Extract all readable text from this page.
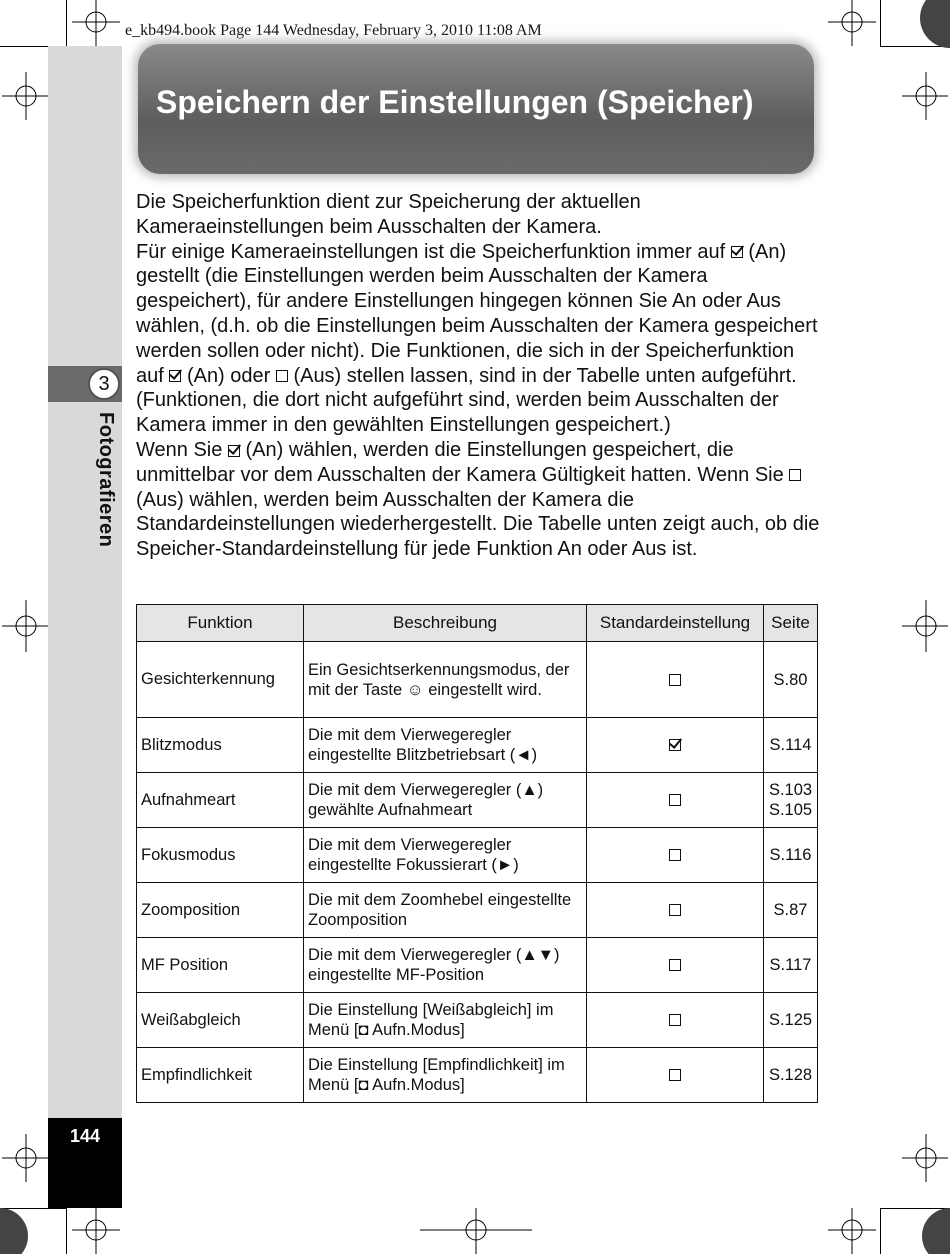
e_kb494.book Page 144 Wednesday, February 3, 2010 11:08 AM
3
Fotografieren
144
Speichern der Einstellungen (Speicher)

Die Speicherfunktion dient zur Speicherung der aktuellen Kameraeinstellungen beim Ausschalten der Kamera.

Für einige Kameraeinstellungen ist die Speicherfunktion immer auf (An) gestellt (die Einstellungen werden beim Ausschalten der Kamera gespeichert), für andere Einstellungen hingegen können Sie An oder Aus wählen, (d.h. ob die Einstellungen beim Ausschalten der Kamera gespeichert werden sollen oder nicht). Die Funktionen, die sich in der Speicherfunktion auf (An) oder (Aus) stellen lassen, sind in der Tabelle unten aufgeführt. (Funktionen, die dort nicht aufgeführt sind, werden beim Ausschalten der Kamera immer in den gewählten Einstellungen gespeichert.)

Wenn Sie (An) wählen, werden die Einstellungen gespeichert, die unmittelbar vor dem Ausschalten der Kamera Gültigkeit hatten. Wenn Sie  (Aus) wählen, werden beim Ausschalten der Kamera die Standardeinstellungen wiederhergestellt. Die Tabelle unten zeigt auch, ob die Speicher-Standardeinstellung für jede Funktion An oder Aus ist.

Funktion	Beschreibung	Standardeinstellung	Seite
Gesichterkennung	Ein Gesichtserkennungsmodus, der mit der Taste ☺ eingestellt wird.		S.80
Blitzmodus	Die mit dem Vierwegeregler eingestellte Blitzbetriebsart (◄)		S.114
Aufnahmeart	Die mit dem Vierwegeregler (▲) gewählte Aufnahmeart		S.103
S.105
Fokusmodus	Die mit dem Vierwegeregler eingestellte Fokussierart (►)		S.116
Zoomposition	Die mit dem Zoomhebel eingestellte Zoomposition		S.87
MF Position	Die mit dem Vierwegeregler (▲▼) eingestellte MF-Position		S.117
Weißabgleich	Die Einstellung [Weißabgleich] im Menü [◘ Aufn.Modus]		S.125
Empfindlichkeit	Die Einstellung [Empfindlichkeit] im Menü [◘ Aufn.Modus]		S.128
